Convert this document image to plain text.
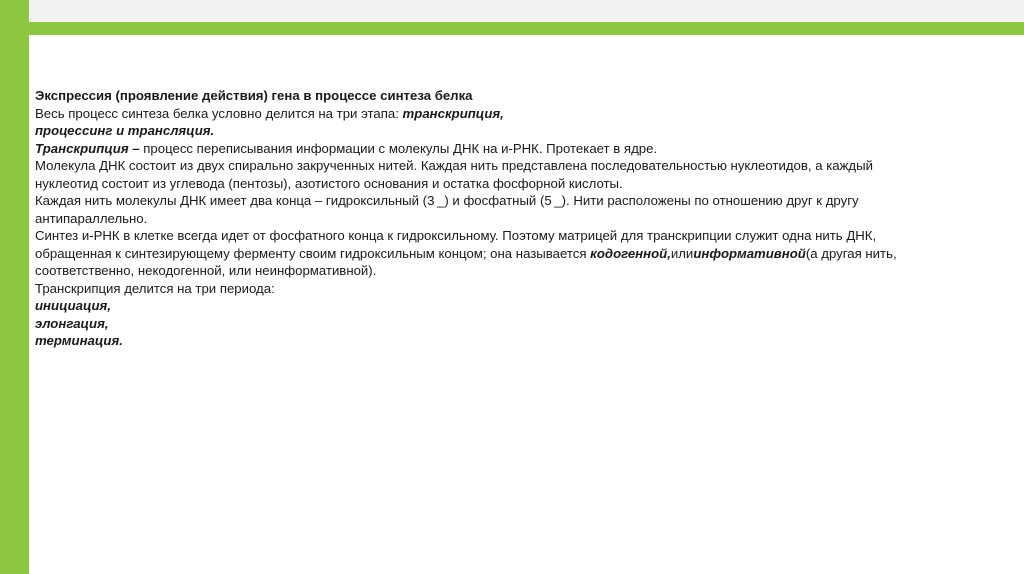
Экспрессия (проявление действия) гена в процессе синтеза белка

Весь процесс синтеза белка условно делится на три этапа: транскрипция,

процессинг и трансляция.

Транскрипция – процесс переписывания информации с молекулы ДНК на и-РНК. Протекает в ядре.

Молекула ДНК состоит из двух спирально закрученных нитей. Каждая нить представлена последовательностью нуклеотидов, а каждый

нуклеотид состоит из углевода (пентозы), азотистого основания и остатка фосфорной кислоты.

Каждая нить молекулы ДНК имеет два конца – гидроксильный (3 _) и фосфатный (5 _). Нити расположены по отношению друг к другу

антипараллельно.

Синтез и-РНК в клетке всегда идет от фосфатного конца к гидроксильному. Поэтому матрицей для транскрипции служит одна нить ДНК,

обращенная к синтезирующему ферменту своим гидроксильным концом; она называется кодогенной,илиинформативной(а другая нить,

соответственно, некодогенной, или неинформативной).

Транскрипция делится на три периода:

инициация,

элонгация,

терминация.
